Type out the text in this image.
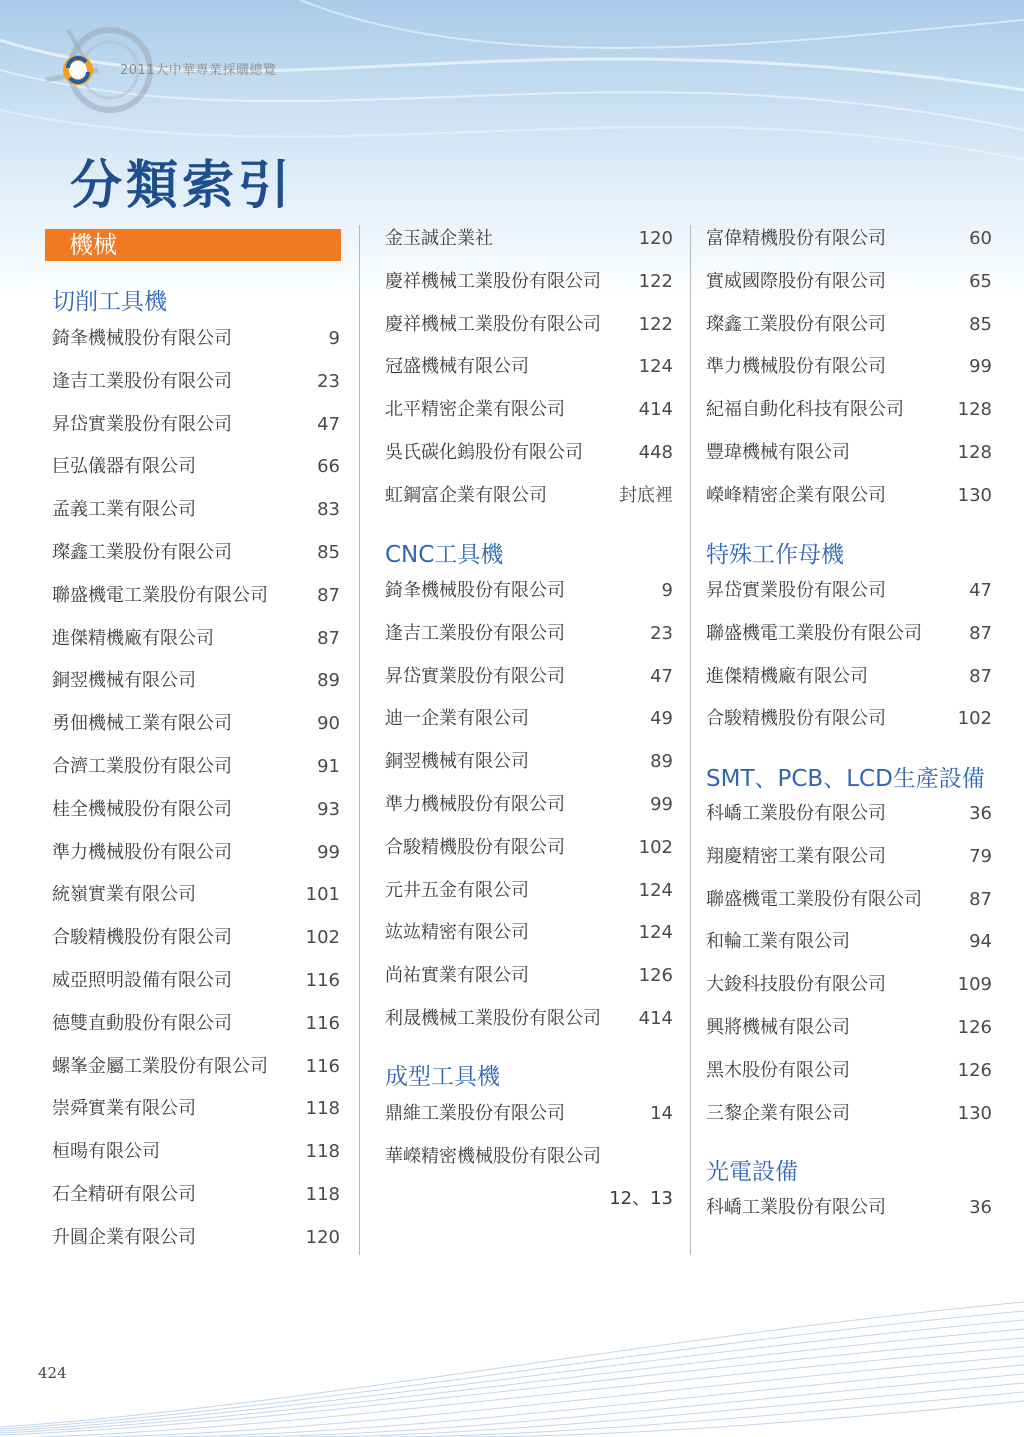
2011大中華專業採購總覽
分類索引
機械
切削工具機
錡夆機械股份有限公司	9
逢吉工業股份有限公司	23
昇岱實業股份有限公司	47
巨弘儀器有限公司	66
孟義工業有限公司	83
璨鑫工業股份有限公司	85
聯盛機電工業股份有限公司	87
進傑精機廠有限公司	87
銅翌機械有限公司	89
勇佃機械工業有限公司	90
合濟工業股份有限公司	91
桂全機械股份有限公司	93
準力機械股份有限公司	99
統嶺實業有限公司	101
合駿精機股份有限公司	102
威亞照明設備有限公司	116
德雙直動股份有限公司	116
螺峯金屬工業股份有限公司 116
崇舜實業有限公司	118
桓暘有限公司	118
石全精研有限公司	118
升圓企業有限公司	120
金玉誠企業社	120
慶祥機械工業股份有限公司 122
慶祥機械工業股份有限公司 122
冠盛機械有限公司	124
北平精密企業有限公司	414
吳氏碳化鎢股份有限公司	448
虹鋼富企業有限公司	封底裡
CNC工具機
錡夆機械股份有限公司	9
逢吉工業股份有限公司	23
昇岱實業股份有限公司	47
迪一企業有限公司	49
銅翌機械有限公司	89
準力機械股份有限公司	99
合駿精機股份有限公司	102
元井五金有限公司	124
竑竑精密有限公司	124
尚祐實業有限公司	126
利晟機械工業股份有限公司 414
成型工具機
鼎維工業股份有限公司	14
華嶸精密機械股份有限公司
12、13
富偉精機股份有限公司	60
實威國際股份有限公司	65
璨鑫工業股份有限公司	85
準力機械股份有限公司	99
紀福自動化科技有限公司	128
豐瑋機械有限公司	128
嶸峰精密企業有限公司	130
特殊工作母機
昇岱實業股份有限公司	47
聯盛機電工業股份有限公司	87
進傑精機廠有限公司	87
合駿精機股份有限公司	102
SMT、PCB、LCD生產設備
科嶠工業股份有限公司	36
翔慶精密工業有限公司	79
聯盛機電工業股份有限公司	87
和輪工業有限公司	94
大鋑科技股份有限公司	109
興將機械有限公司	126
黑木股份有限公司	126
三黎企業有限公司	130
光電設備
科嶠工業股份有限公司	36
424
